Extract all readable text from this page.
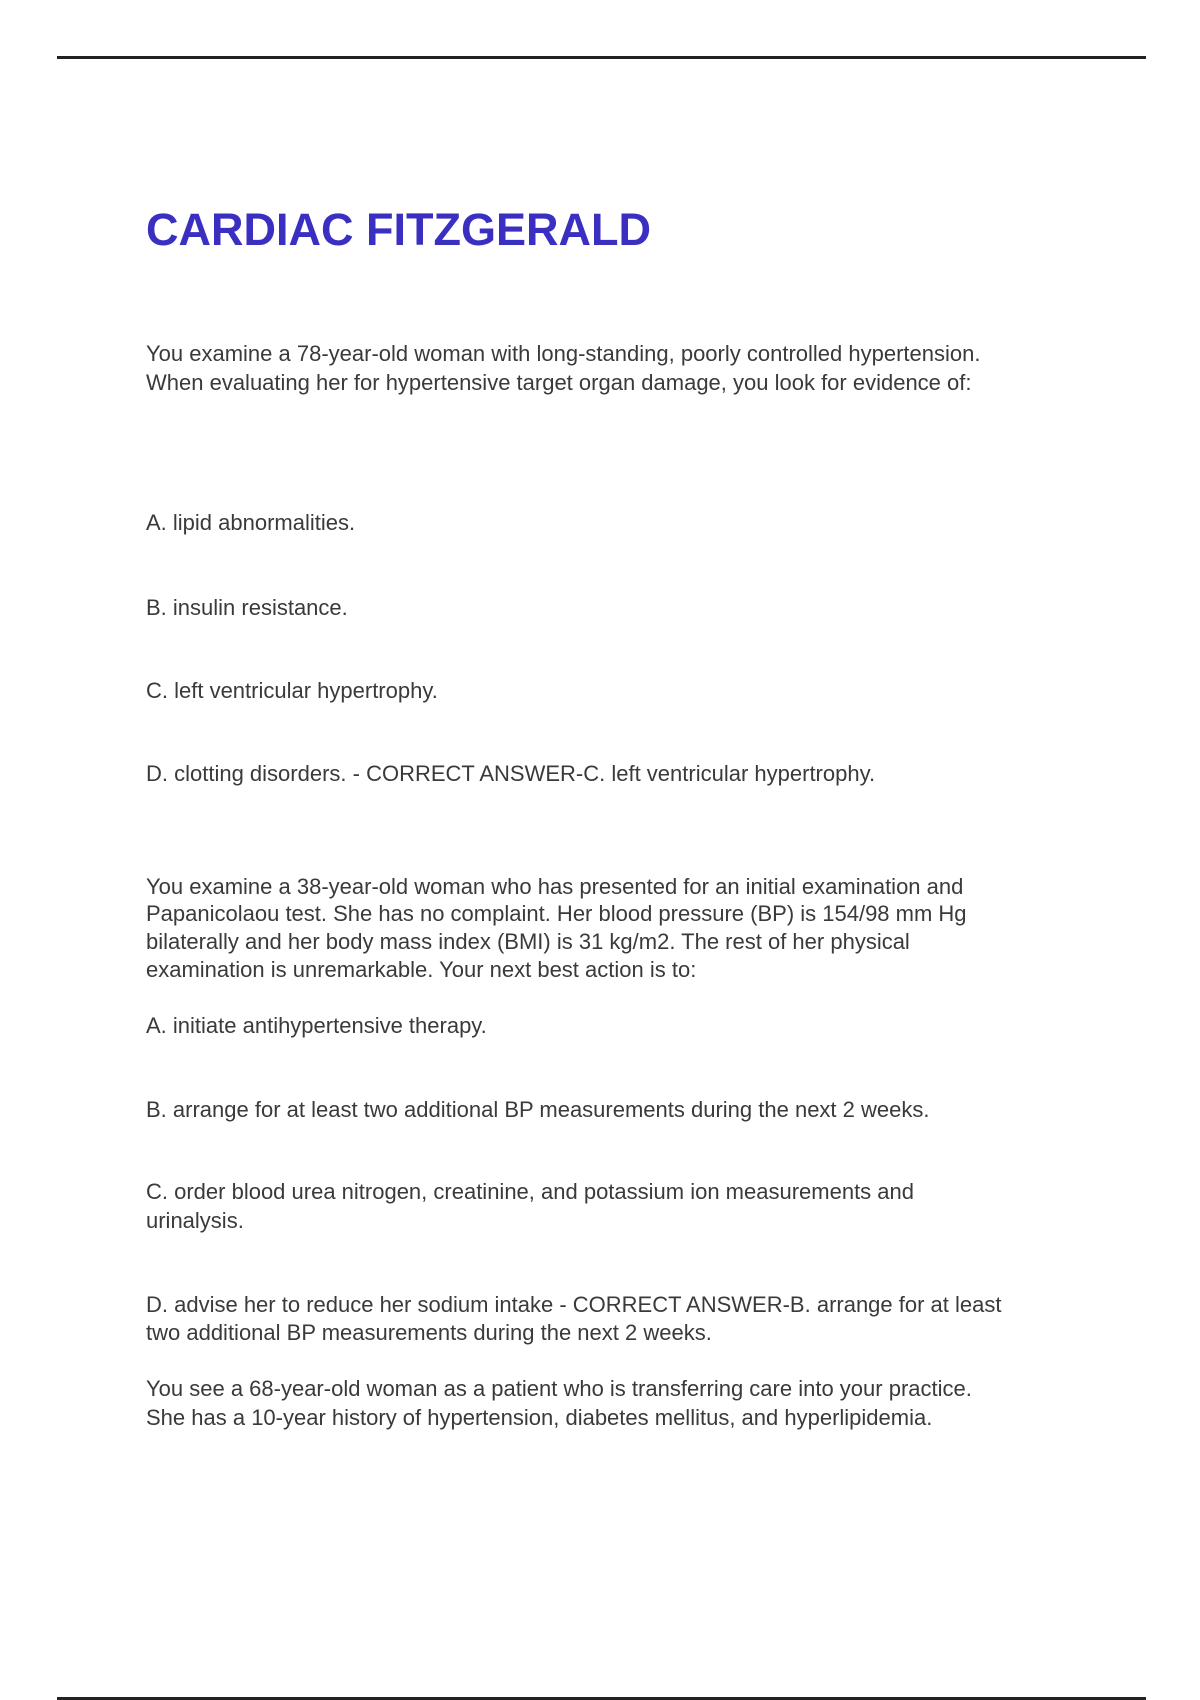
CARDIAC FITZGERALD
You examine a 78-year-old woman with long-standing, poorly controlled hypertension.
When evaluating her for hypertensive target organ damage, you look for evidence of:
A. lipid abnormalities.
B. insulin resistance.
C. left ventricular hypertrophy.
D. clotting disorders. - CORRECT ANSWER-C. left ventricular hypertrophy.
You examine a 38-year-old woman who has presented for an initial examination and
Papanicolaou test. She has no complaint. Her blood pressure (BP) is 154/98 mm Hg
bilaterally and her body mass index (BMI) is 31 kg/m2. The rest of her physical
examination is unremarkable. Your next best action is to:
A. initiate antihypertensive therapy.
B. arrange for at least two additional BP measurements during the next 2 weeks.
C. order blood urea nitrogen, creatinine, and potassium ion measurements and
urinalysis.
D. advise her to reduce her sodium intake - CORRECT ANSWER-B. arrange for at least
two additional BP measurements during the next 2 weeks.
You see a 68-year-old woman as a patient who is transferring care into your practice.
She has a 10-year history of hypertension, diabetes mellitus, and hyperlipidemia.
